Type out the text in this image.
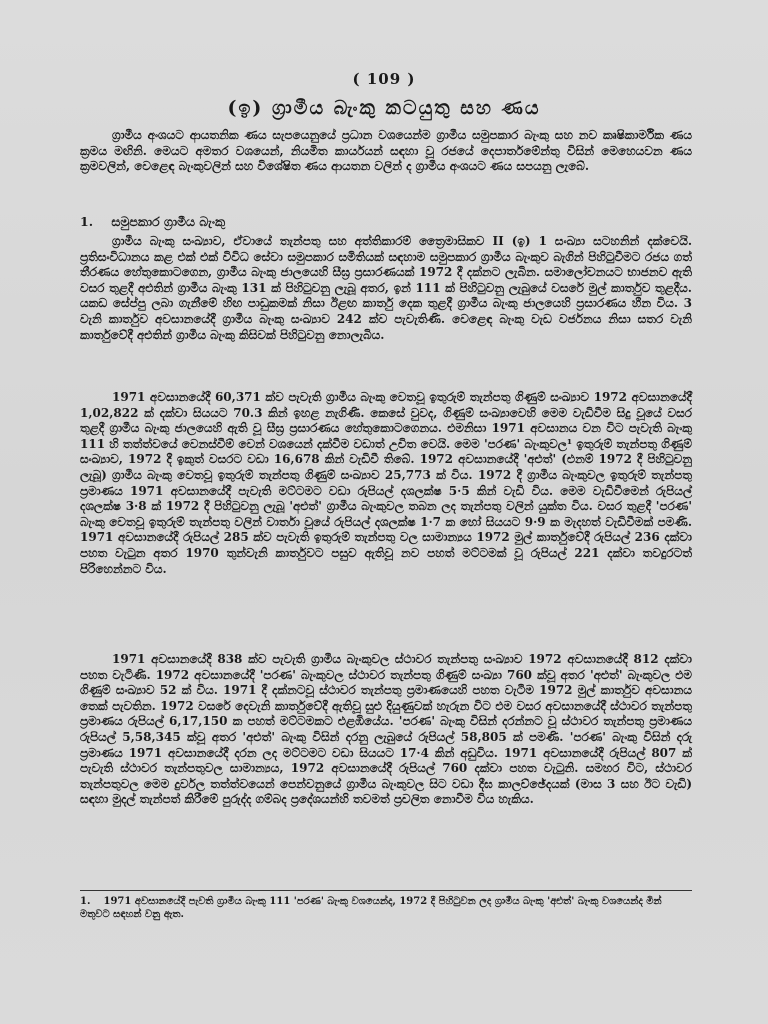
( 109 )
(ඉ) ග්‍රාමීය බැංකු කටයුතු සහ ණය

ග්‍රාමීය අංශයට ආයතනික ණය සැපයෙනුයේ ප්‍රධාන වශයෙන්ම ග්‍රාමීය සමුපකාර බැංකු සහ නව කෘෂිකාර්මික ණය ක්‍රමය මඟිනි. මෙයට අමතර වශයෙන්, නියමිත කාර්යයන් සඳහා වූ රජයේ දෙපාර්තමේන්තු විසින් මෙහෙයවන ණය ක්‍රමවලින්, වෙළෙඳ බැංකුවලින් සහ විශේෂිත ණය ආයතන වලින් ද ග්‍රාමීය අංශයට ණය සපයනු ලැබේ.

1. සමුපකාර ග්‍රාමීය බැංකු

ග්‍රාමීය බැංකු සංඛ්‍යාව, ඒවායේ තැන්පතු සහ අත්තිකාරම් ත්‍රෛමාසිකව II (ඉ) 1 සංඛ්‍යා සටහනින් දක්වෙයි. ප්‍රතිසංවිධානය කළ එක් එක් විවිධ සේවා සමුපකාර සමිතියක් සඳහාම සමුපකාර ග්‍රාමීය බැංකුව බැගින් පිහිටුවීමට රජය ගත් තීරණය හේතුකොටගෙන, ග්‍රාමීය බැංකු ජාලයෙහි සීඝ්‍ර ප්‍රසාරණයක් 1972 දී දක්නට ලැබින. සමාලෝචනයට භාජනව ඇති වසර තුළදී අළුතින් ග්‍රාමීය බැංකු 131 ක් පිහිටුවනු ලැබූ අතර, ඉන් 111 ක් පිහිටුවනු ලැබුයේ වසරේ මුල් කාර්තුව තුළදීය. යකඩ සේප්පු ලබා ගැනීමේ හිඟ පාඩුකමක් නිසා ඊළඟ කාර්තු දෙක තුළදී ග්‍රාමීය බැංකු ජාලයෙහි ප්‍රසාරණය හීන විය. 3 වැනි කාර්තුව අවසානයේදී ග්‍රාමීය බැංකු සංඛ්‍යාව 242 ක්ව පැවැතිණි. වෙළෙඳ බැංකු වැඩ වර්ජනය නිසා සතර වැනි කාර්තුවේදී අළුතින් ග්‍රාමීය බැංකු කිසිවක් පිහිටුවනු නොලැබිය.

1971 අවසානයේදී 60,371 ක්ව පැවැති ග්‍රාමීය බැංකු වෙතවූ ඉතුරුම් තැන්පතු ගිණුම් සංඛ්‍යාව 1972 අවසානයේදී 1,02,822 ක් දක්වා සියයට 70.3 කින් ඉහළ නැගිණි. කෙසේ වුවද, ගිණුම් සංඛ්‍යාවෙහි මෙම වැඩිවීම සිදු වූයේ වසර තුළදී ග්‍රාමීය බැංකු ජාලයෙහි ඇති වූ සීඝ්‍ර ප්‍රසාරණය හේතුකොටගෙනය. එමනිසා 1971 අවසානය වන විට පැවැති බැංකු 111 හි තත්ත්වයේ වෙනස්වීම් වෙන් වශයෙන් දක්වීම වඩාත් උචිත වෙයි. මෙම 'පරණ' බැංකුවල¹ ඉතුරුම් තැන්පතු ගිණුම් සංඛ්‍යාව, 1972 දී ඉකුත් වසරට වඩා 16,678 කින් වැඩිවී තිබේ. 1972 අවසානයේදී 'අළුත්' (එනම් 1972 දී පිහිටුවනු ලැබූ) ග්‍රාමීය බැංකු වෙතවූ ඉතුරුම් තැන්පතු ගිණුම් සංඛ්‍යාව 25,773 ක් විය. 1972 දී ග්‍රාමීය බැංකුවල ඉතුරුම් තැන්පතු ප්‍රමාණය 1971 අවසානයේදී පැවැති මට්ටමට වඩා රුපියල් දශලක්ෂ 5·5 කින් වැඩි විය. මෙම වැඩිවීමෙන් රුපියල් දශලක්ෂ 3·8 ක් 1972 දී පිහිටුවනු ලැබූ 'අළුත්' ග්‍රාමීය බැංකුවල තබන ලද තැන්පතු වලින් යුක්ත විය. වසර තුළදී 'පරණ' බැංකු වෙතවූ ඉතුරුම් තැන්පතු වලින් වාර්තා වූයේ රුපියල් දශලක්ෂ 1·7 ක හෝ සියයට 9·9 ක මැදහත් වැඩිවීමක් පමණි. 1971 අවසානයේදී රුපියල් 285 ක්ව පැවැති ඉතුරුම් තැන්පතු වල සාමාන්‍යය 1972 මුල් කාර්තුවේදී රුපියල් 236 දක්වා පහත වැටුන අතර 1970 තුන්වැනි කාර්තුවට පසුව ඇතිවූ නව පහත් මට්ටමක් වූ රුපියල් 221 දක්වා තවදුරටත් පිරිහෙන්නට විය.

1971 අවසානයේදී 838 ක්ව පැවැති ග්‍රාමීය බැංකුවල ස්ථාවර තැන්පතු සංඛ්‍යාව 1972 අවසානයේදී 812 දක්වා පහත වැටිණි. 1972 අවසානයේදී 'පරණ' බැංකුවල ස්ථාවර තැන්පතු ගිණුම් සංඛ්‍යා 760 ක්වූ අතර 'අළුත්' බැංකුවල එම ගිණුම් සංඛ්‍යාව 52 ක් විය. 1971 දී දක්නටවූ ස්ථාවර තැන්පතු ප්‍රමාණයෙහි පහත වැටීම 1972 මුල් කාර්තුව අවසානය තෙක් පැවතින. 1972 වසරේ දෙවැනි කාර්තුවේදී ඇතිවූ සුළු දියුණුවක් හැරුන විට එම වසර අවසානයේදී ස්ථාවර තැන්පතු ප්‍රමාණය රුපියල් 6,17,150 ක පහත් මට්ටමකට එළඹියේය. 'පරණ' බැංකු විසින් දරන්නට වූ ස්ථාවර තැන්පතු ප්‍රමාණය රුපියල් 5,58,345 ක්වූ අතර 'අළුත්' බැංකු විසින් දරනු ලැබුයේ රුපියල් 58,805 ක් පමණි. 'පරණ' බැංකු විසින් දරු ප්‍රමාණය 1971 අවසානයේදී දරන ලද මට්ටමට වඩා සියයට 17·4 කින් අඩුවිය. 1971 අවසානයේදී රුපියල් 807 ක් පැවැති ස්ථාවර තැන්පතුවල සාමාන්‍යය, 1972 අවසානයේදී රුපියල් 760 දක්වා පහත වැටුනි. සමහර විට, ස්ථාවර තැන්පතුවල මෙම දුර්වල තත්ත්වයෙන් පෙන්වනුයේ ග්‍රාමීය බැංකුවල සිට වඩා දීඝ කාලච්ඡේදයක් (මාස 3 සහ ඊට වැඩි) සඳහා මුදල් තැන්පත් කිරීමේ පුරුද්ද ගම්බද ප්‍රදේශයන්හි තවමත් ප්‍රචලිත නොවීම විය හැකිය.

1. 1971 අවසානයේදී පැවති ග්‍රාමීය බැංකු 111 'පරණ' බැංකු වශයෙන්ද, 1972 දී පිහිටුවන ලද ග්‍රාමීය බැංකු 'අළුත්' බැංකු වශයෙන්ද මින් මතුවට සඳහන් වනු ඇත.
